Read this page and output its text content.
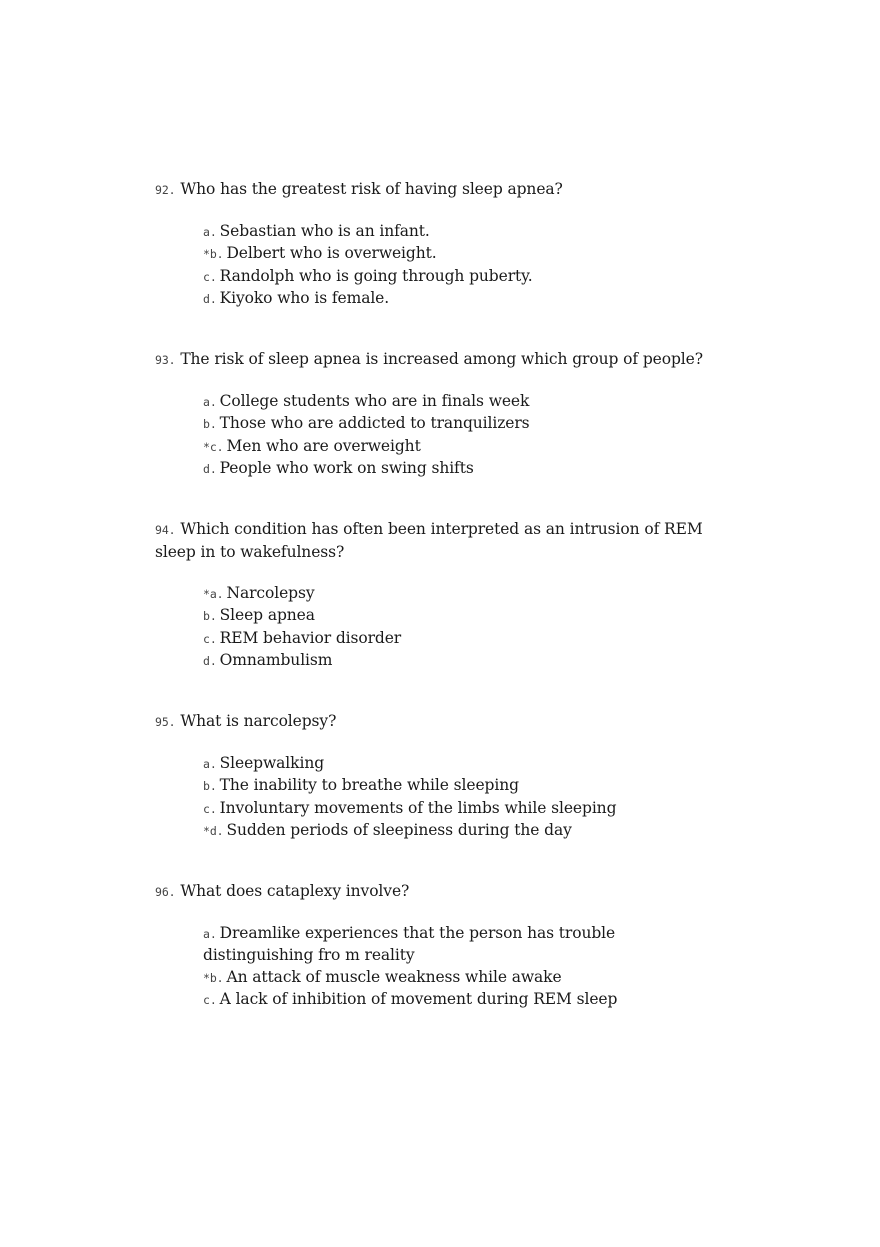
92. Who has the greatest risk of having sleep apnea?
a. Sebastian who is an infant.
*b. Delbert who is overweight.
c. Randolph who is going through puberty.
d. Kiyoko who is female.
93. The risk of sleep apnea is increased among which group of people?
a. College students who are in finals week
b. Those who are addicted to tranquilizers
*c. Men who are overweight
d. People who work on swing shifts
94. Which condition has often been interpreted as an intrusion of REM sleep in to wakefulness?
*a. Narcolepsy
b. Sleep apnea
c. REM behavior disorder
d. Omnambulism
95. What is narcolepsy?
a. Sleepwalking
b. The inability to breathe while sleeping
c. Involuntary movements of the limbs while sleeping
*d. Sudden periods of sleepiness during the day
96. What does cataplexy involve?
a. Dreamlike experiences that the person has trouble distinguishing fro m reality
*b. An attack of muscle weakness while awake
c. A lack of inhibition of movement during REM sleep
